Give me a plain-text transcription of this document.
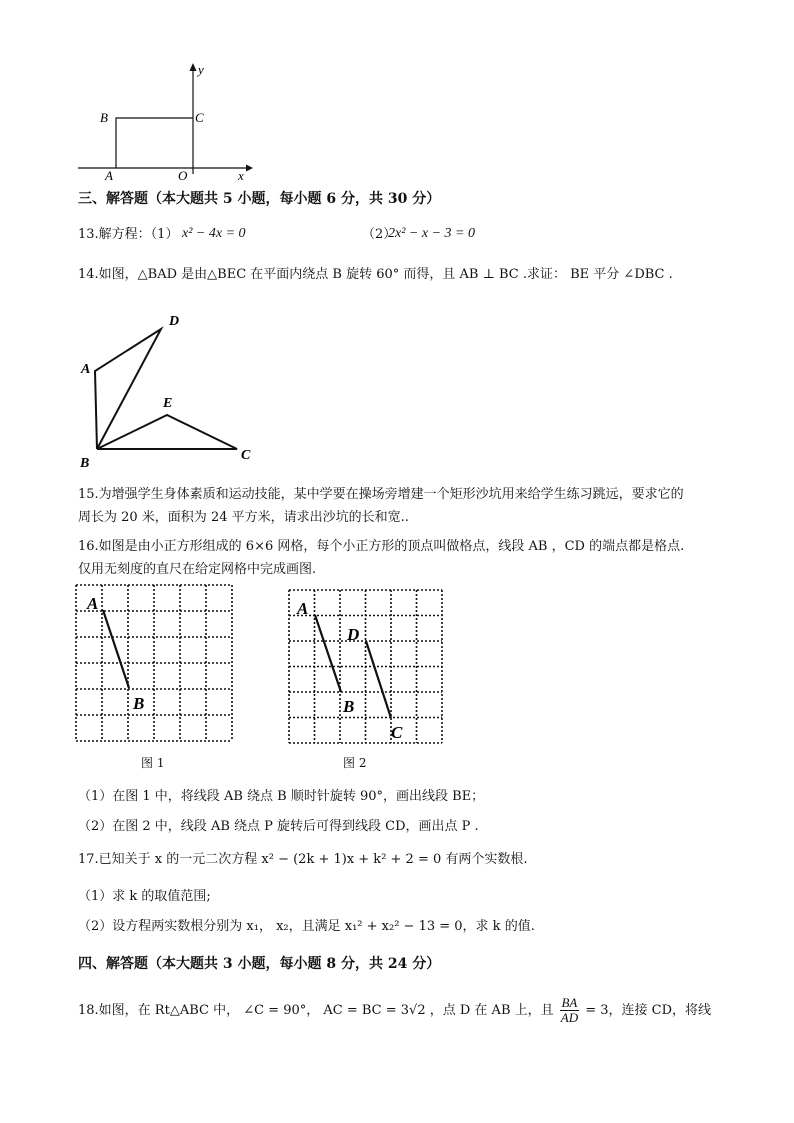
y
x
B	C
A	O
三、解答题（本大题共 5 小题，每小题 6 分，共 30 分）
13.解方程：（1） x² − 4x = 0	（2）
2x² − x − 3 = 0
14.如图，△BAD 是由△BEC 在平面内绕点 B 旋转 60° 而得，且 AB ⊥ BC .求证： BE 平分 ∠DBC .
D
A
E
B
C
15.为增强学生身体素质和运动技能，某中学要在操场旁增建一个矩形沙坑用来给学生练习跳远，要求它的
周长为 20 米，面积为 24 平方米，请求出沙坑的长和宽..
16.如图是由小正方形组成的 6×6 网格，每个小正方形的顶点叫做格点，线段 AB ，CD 的端点都是格点.
仅用无刻度的直尺在给定网格中完成画图.
A
B
图 1
A
D
B
C
图 2
（1）在图 1 中，将线段 AB 绕点 B 顺时针旋转 90°，画出线段 BE；
（2）在图 2 中，线段 AB 绕点 P 旋转后可得到线段 CD，画出点 P .
17.已知关于 x 的一元二次方程 x² − (2k + 1)x + k² + 2 = 0 有两个实数根.
（1）求 k 的取值范围;
（2）设方程两实数根分别为 x₁， x₂，且满足 x₁² + x₂² − 13 = 0，求 k 的值.
四、解答题（本大题共 3 小题，每小题 8 分，共 24 分）
18.如图，在 Rt△ABC 中， ∠C = 90°， AC = BC = 3√2 ，点 D 在 AB 上，且 $\frac{BA}{AD} = 3$，连接 CD，将线
